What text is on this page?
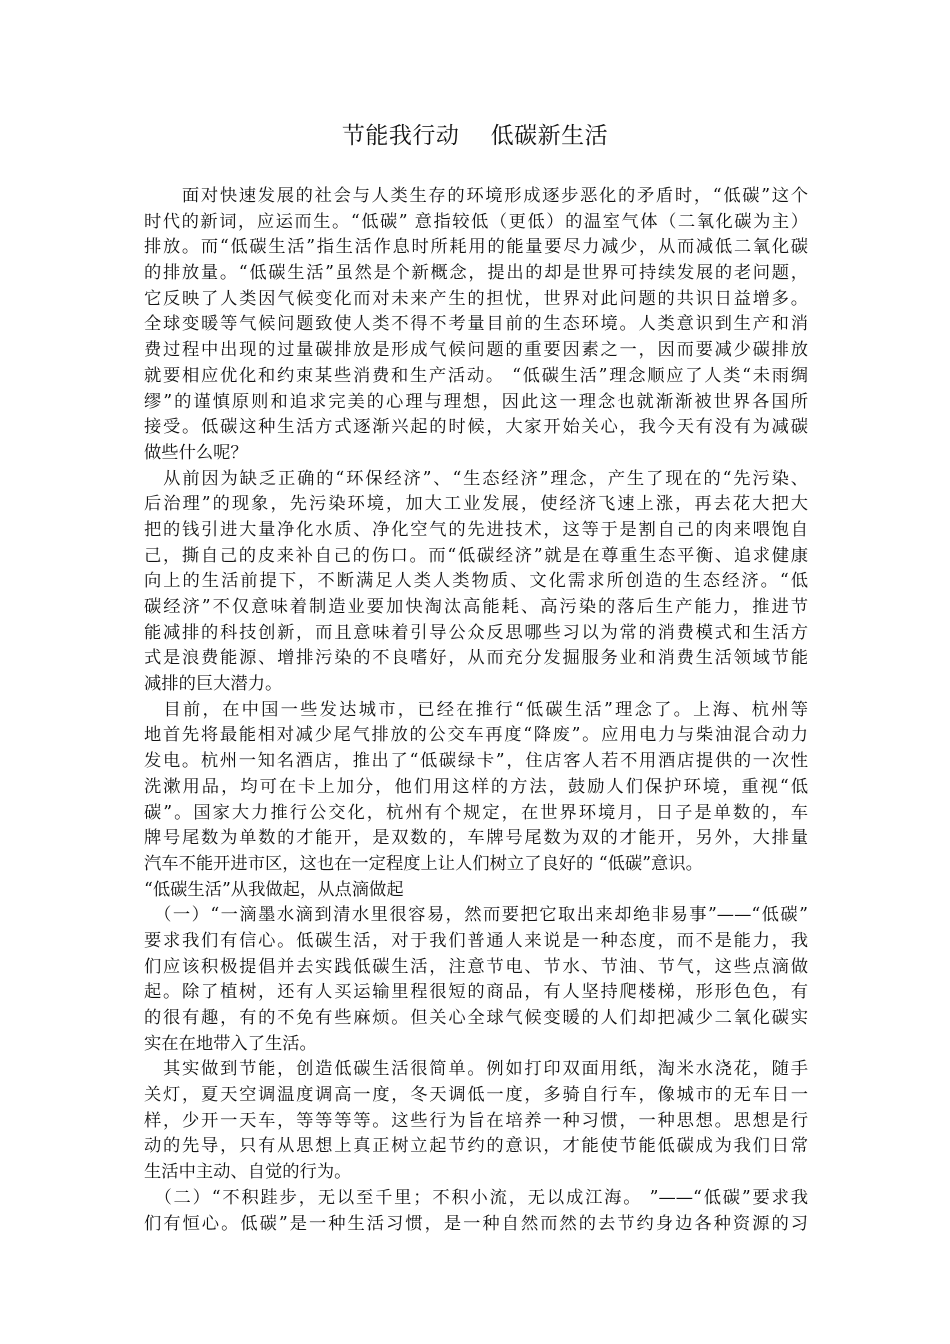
节能我行动    低碳新生活
　　面对快速发展的社会与人类生存的环境形成逐步恶化的矛盾时，“低碳”这个
时代的新词，应运而生。“低碳” 意指较低（更低）的温室气体（二氧化碳为主）
排放。而“低碳生活”指生活作息时所耗用的能量要尽力减少，从而减低二氧化碳
的排放量。“低碳生活”虽然是个新概念，提出的却是世界可持续发展的老问题，
它反映了人类因气候变化而对未来产生的担忧，世界对此问题的共识日益增多。
全球变暖等气候问题致使人类不得不考量目前的生态环境。人类意识到生产和消
费过程中出现的过量碳排放是形成气候问题的重要因素之一，因而要减少碳排放
就要相应优化和约束某些消费和生产活动。 “低碳生活”理念顺应了人类“未雨绸
缪”的谨慎原则和追求完美的心理与理想，因此这一理念也就渐渐被世界各国所
接受。低碳这种生活方式逐渐兴起的时候，大家开始关心，我今天有没有为减碳
做些什么呢？
　从前因为缺乏正确的“环保经济”、“生态经济”理念，产生了现在的“先污染、
后治理”的现象，先污染环境，加大工业发展，使经济飞速上涨，再去花大把大
把的钱引进大量净化水质、净化空气的先进技术，这等于是割自己的肉来喂饱自
己，撕自己的皮来补自己的伤口。而“低碳经济”就是在尊重生态平衡、追求健康
向上的生活前提下，不断满足人类人类物质、文化需求所创造的生态经济。“低
碳经济”不仅意味着制造业要加快淘汰高能耗、高污染的落后生产能力，推进节
能减排的科技创新，而且意味着引导公众反思哪些习以为常的消费模式和生活方
式是浪费能源、增排污染的不良嗜好，从而充分发掘服务业和消费生活领域节能
减排的巨大潜力。
　目前，在中国一些发达城市，已经在推行“低碳生活”理念了。上海、杭州等
地首先将最能相对减少尾气排放的公交车再度“降废”。应用电力与柴油混合动力
发电。杭州一知名酒店，推出了“低碳绿卡”，住店客人若不用酒店提供的一次性
洗漱用品，均可在卡上加分，他们用这样的方法，鼓励人们保护环境，重视“低
碳”。国家大力推行公交化，杭州有个规定，在世界环境月，日子是单数的，车
牌号尾数为单数的才能开，是双数的，车牌号尾数为双的才能开，另外，大排量
汽车不能开进市区，这也在一定程度上让人们树立了良好的 “低碳”意识。
“低碳生活”从我做起，从点滴做起
　（一）“一滴墨水滴到清水里很容易，然而要把它取出来却绝非易事”——“低碳”
要求我们有信心。低碳生活，对于我们普通人来说是一种态度，而不是能力，我
们应该积极提倡并去实践低碳生活，注意节电、节水、节油、节气，这些点滴做
起。除了植树，还有人买运输里程很短的商品，有人坚持爬楼梯，形形色色，有
的很有趣，有的不免有些麻烦。但关心全球气候变暖的人们却把减少二氧化碳实
实在在地带入了生活。
　其实做到节能，创造低碳生活很简单。例如打印双面用纸，淘米水浇花，随手
关灯，夏天空调温度调高一度，冬天调低一度，多骑自行车，像城市的无车日一
样，少开一天车，等等等等。这些行为旨在培养一种习惯，一种思想。思想是行
动的先导，只有从思想上真正树立起节约的意识，才能使节能低碳成为我们日常
生活中主动、自觉的行为。
　（二）“不积跬步，无以至千里；不积小流，无以成江海。 ”——“低碳”要求我
们有恒心。低碳”是一种生活习惯，是一种自然而然的去节约身边各种资源的习
